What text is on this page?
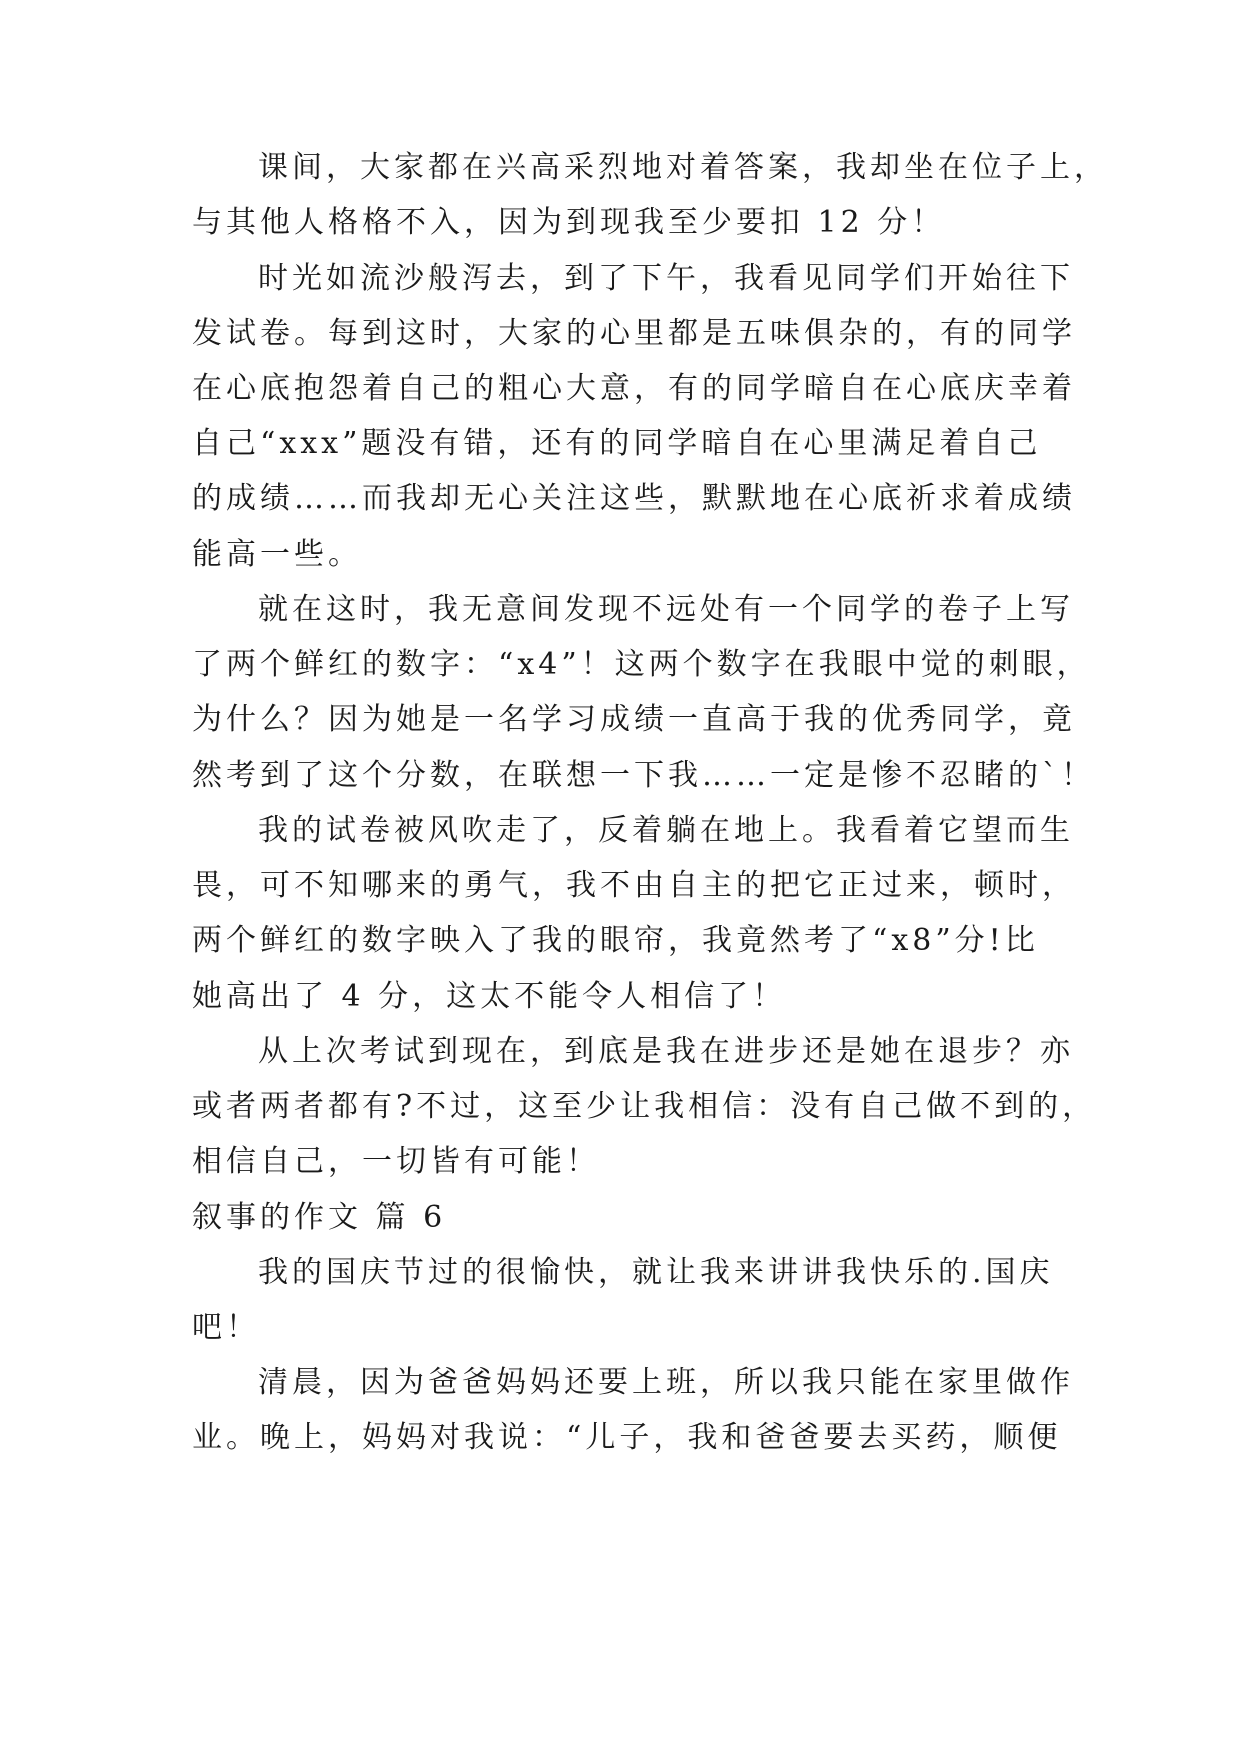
课间，大家都在兴高采烈地对着答案，我却坐在位子上，

与其他人格格不入，因为到现我至少要扣 12 分！

时光如流沙般泻去，到了下午，我看见同学们开始往下

发试卷。每到这时，大家的心里都是五味俱杂的，有的同学

在心底抱怨着自己的粗心大意，有的同学暗自在心底庆幸着

自己“xxx”题没有错，还有的同学暗自在心里满足着自己

的成绩……而我却无心关注这些，默默地在心底祈求着成绩

能高一些。

就在这时，我无意间发现不远处有一个同学的卷子上写

了两个鲜红的数字：“x4”！这两个数字在我眼中觉的刺眼，

为什么？因为她是一名学习成绩一直高于我的优秀同学，竟

然考到了这个分数，在联想一下我……一定是惨不忍睹的`！

我的试卷被风吹走了，反着躺在地上。我看着它望而生

畏，可不知哪来的勇气，我不由自主的把它正过来，顿时，

两个鲜红的数字映入了我的眼帘，我竟然考了“x8”分!比

她高出了 4 分，这太不能令人相信了！

从上次考试到现在，到底是我在进步还是她在退步？亦

或者两者都有?不过，这至少让我相信：没有自己做不到的，

相信自己，一切皆有可能！

叙事的作文 篇 6

我的国庆节过的很愉快，就让我来讲讲我快乐的.国庆

吧！

清晨，因为爸爸妈妈还要上班，所以我只能在家里做作

业。晚上，妈妈对我说：“儿子，我和爸爸要去买药，顺便
